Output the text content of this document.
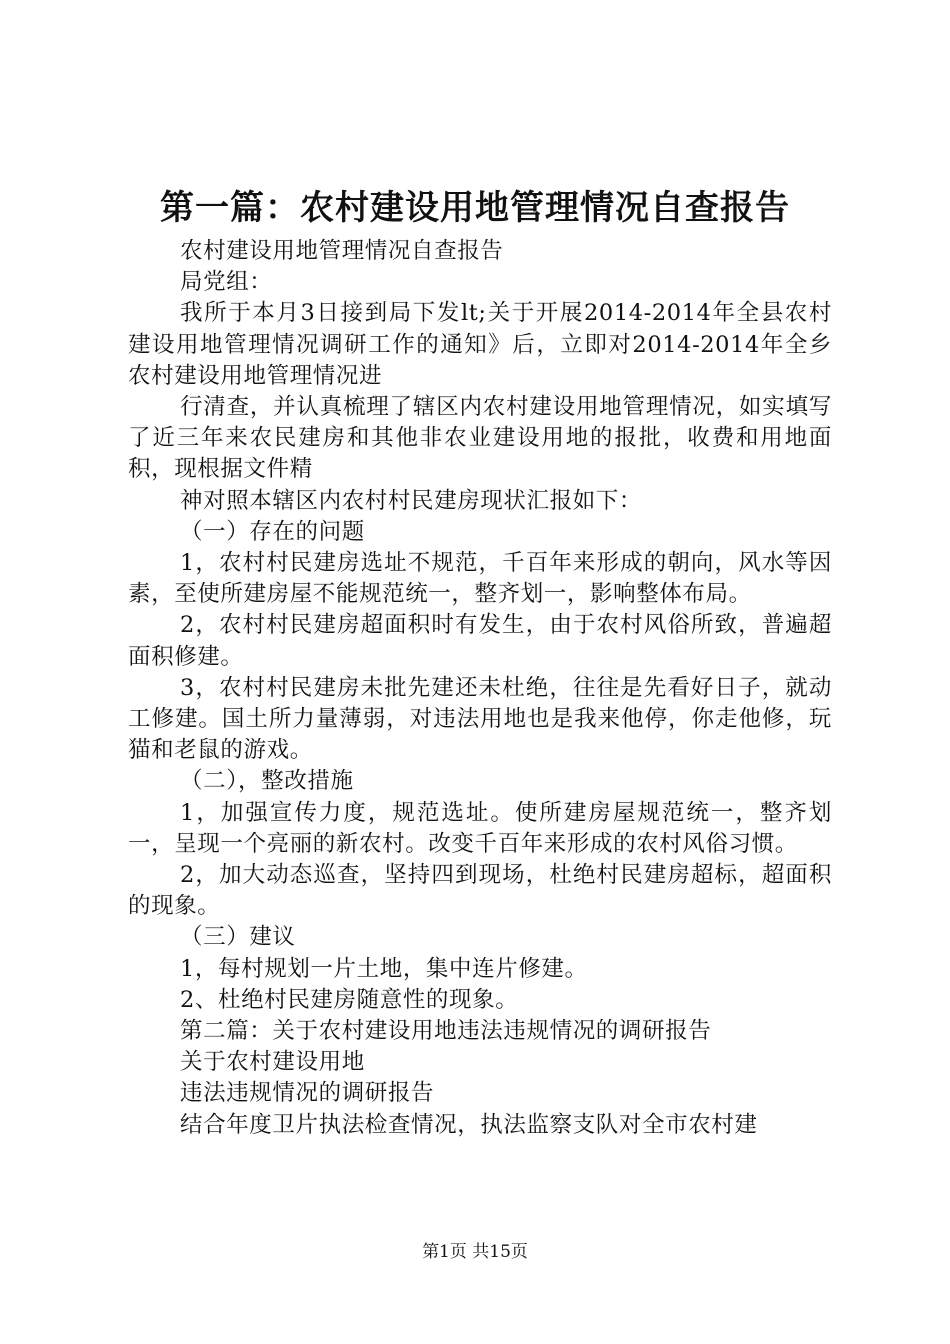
第一篇：农村建设用地管理情况自查报告

农村建设用地管理情况自查报告

局党组：

我所于本月3日接到局下发lt;关于开展2014-2014年全县农村建设用地管理情况调研工作的通知》后，立即对2014-2014年全乡农村建设用地管理情况进

行清查，并认真梳理了辖区内农村建设用地管理情况，如实填写了近三年来农民建房和其他非农业建设用地的报批，收费和用地面积，现根据文件精

神对照本辖区内农村村民建房现状汇报如下：

（一）存在的问题

1，农村村民建房选址不规范，千百年来形成的朝向，风水等因素，至使所建房屋不能规范统一，整齐划一，影响整体布局。

2，农村村民建房超面积时有发生，由于农村风俗所致，普遍超面积修建。

3，农村村民建房未批先建还未杜绝，往往是先看好日子，就动工修建。国土所力量薄弱，对违法用地也是我来他停，你走他修，玩猫和老鼠的游戏。

（二），整改措施

1，加强宣传力度，规范选址。使所建房屋规范统一，整齐划一，呈现一个亮丽的新农村。改变千百年来形成的农村风俗习惯。

2，加大动态巡查，坚持四到现场，杜绝村民建房超标，超面积的现象。

（三）建议

1，每村规划一片土地，集中连片修建。

2、杜绝村民建房随意性的现象。

第二篇：关于农村建设用地违法违规情况的调研报告

关于农村建设用地

违法违规情况的调研报告

结合年度卫片执法检查情况，执法监察支队对全市农村建

第1页 共15页
